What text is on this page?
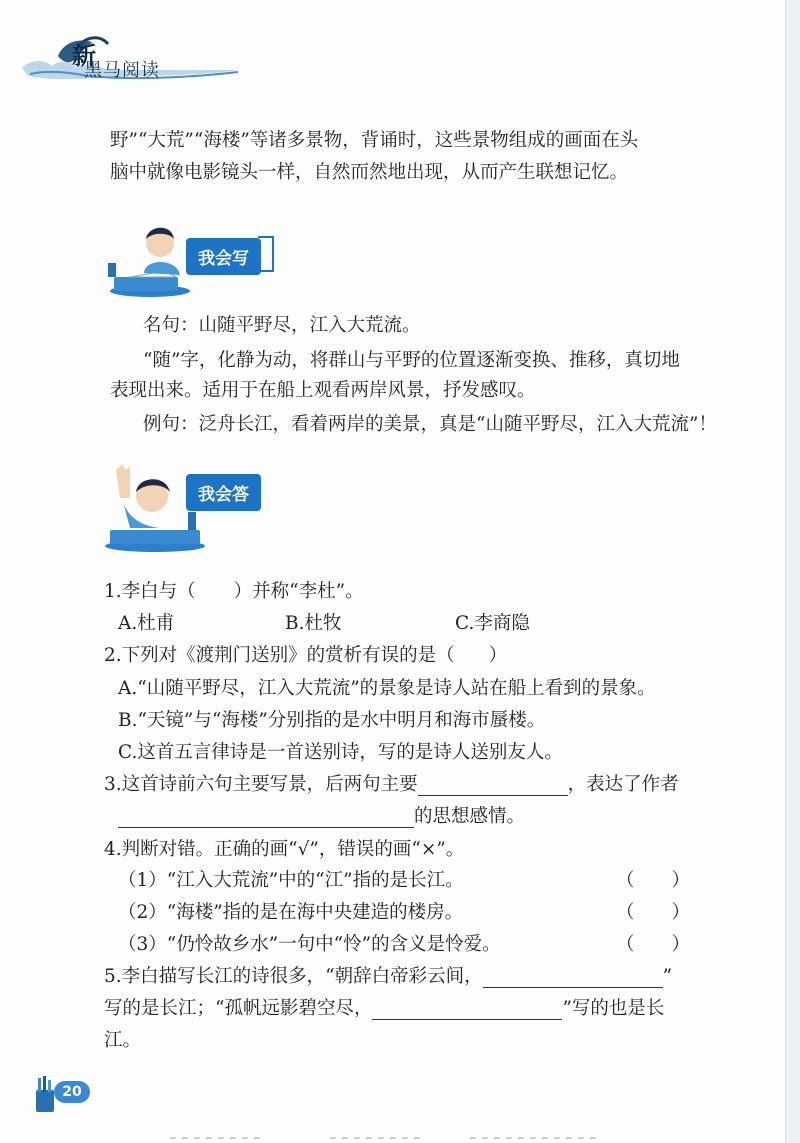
新
黑马阅读
野”“大荒”“海楼”等诸多景物，背诵时，这些景物组成的画面在头
脑中就像电影镜头一样，自然而然地出现，从而产生联想记忆。
我会写
名句：山随平野尽，江入大荒流。
“随”字，化静为动，将群山与平野的位置逐渐变换、推移，真切地
表现出来。适用于在船上观看两岸风景，抒发感叹。
例句：泛舟长江，看着两岸的美景，真是“山随平野尽，江入大荒流”！
我会答
1.李白与（ ）并称“李杜”。
A.杜甫	B.杜牧	C.李商隐
2.下列对《渡荆门送别》的赏析有误的是（ ）
A.“山随平野尽，江入大荒流”的景象是诗人站在船上看到的景象。
B.“天镜”与“海楼”分别指的是水中明月和海市蜃楼。
C.这首五言律诗是一首送别诗，写的是诗人送别友人。
3.这首诗前六句主要写景，后两句主要	，表达了作者
的思想感情。
4.判断对错。正确的画“√”，错误的画“×”。
（1）“江入大荒流”中的“江”指的是长江。	（　　）
（2）“海楼”指的是在海中央建造的楼房。	（　　）
（3）“仍怜故乡水”一句中“怜”的含义是怜爱。	（　　）
5.李白描写长江的诗很多，“朝辞白帝彩云间，	”
写的是长江；“孤帆远影碧空尽，	”写的也是长
江。
20
